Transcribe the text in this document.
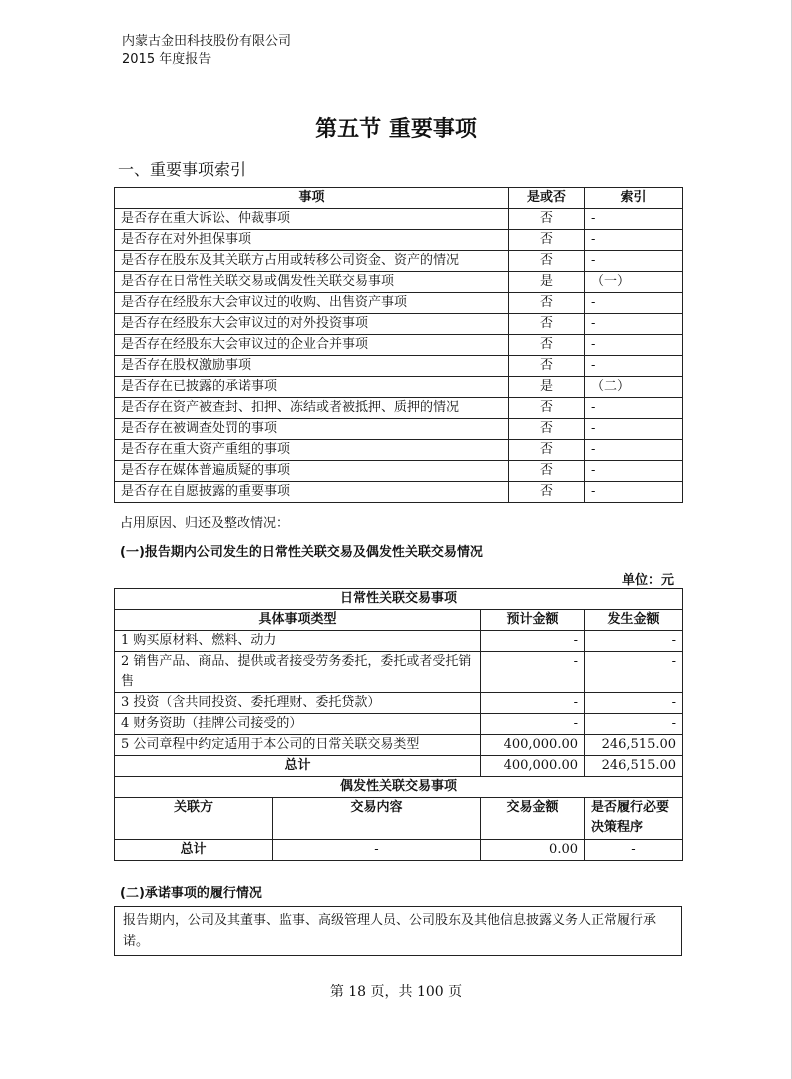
内蒙古金田科技股份有限公司
2015 年度报告
第五节 重要事项
一、重要事项索引
事项	是或否	索引
是否存在重大诉讼、仲裁事项	否	-
是否存在对外担保事项	否	-
是否存在股东及其关联方占用或转移公司资金、资产的情况	否	-
是否存在日常性关联交易或偶发性关联交易事项	是	（一）
是否存在经股东大会审议过的收购、出售资产事项	否	-
是否存在经股东大会审议过的对外投资事项	否	-
是否存在经股东大会审议过的企业合并事项	否	-
是否存在股权激励事项	否	-
是否存在已披露的承诺事项	是	（二）
是否存在资产被查封、扣押、冻结或者被抵押、质押的情况	否	-
是否存在被调查处罚的事项	否	-
是否存在重大资产重组的事项	否	-
是否存在媒体普遍质疑的事项	否	-
是否存在自愿披露的重要事项	否	-
占用原因、归还及整改情况：
(一)报告期内公司发生的日常性关联交易及偶发性关联交易情况
单位：元
日常性关联交易事项			
具体事项类型		预计金额	发生金额
1 购买原材料、燃料、动力		-	-
2 销售产品、商品、提供或者接受劳务委托，委托或者受托销售		-	-
3 投资（含共同投资、委托理财、委托贷款）		-	-
4 财务资助（挂牌公司接受的）		-	-
5 公司章程中约定适用于本公司的日常关联交易类型		400,000.00	246,515.00
总计		400,000.00	246,515.00
偶发性关联交易事项			
关联方	交易内容	交易金额	是否履行必要决策程序
总计	-	0.00	-
(二)承诺事项的履行情况
报告期内，公司及其董事、监事、高级管理人员、公司股东及其他信息披露义务人正常履行承诺。
第 18 页，共 100 页
